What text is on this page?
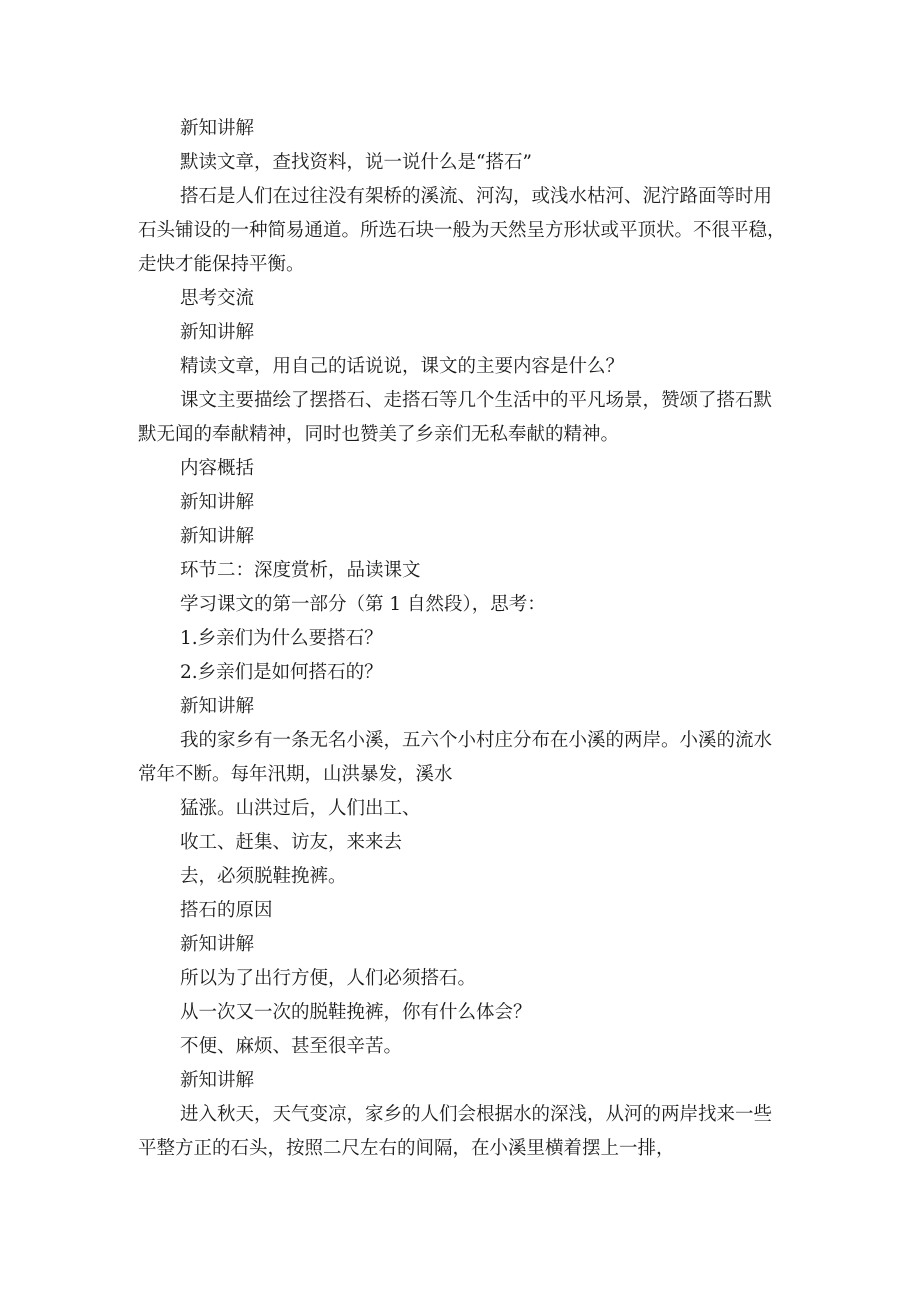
新知讲解

默读文章，查找资料，说一说什么是“搭石”

搭石是人们在过往没有架桥的溪流、河沟，或浅水枯河、泥泞路面等时用石头铺设的一种简易通道。所选石块一般为天然呈方形状或平顶状。不很平稳，走快才能保持平衡。

思考交流

新知讲解

精读文章，用自己的话说说，课文的主要内容是什么？

课文主要描绘了摆搭石、走搭石等几个生活中的平凡场景，赞颂了搭石默默无闻的奉献精神，同时也赞美了乡亲们无私奉献的精神。

内容概括

新知讲解

新知讲解

环节二：深度赏析，品读课文

学习课文的第一部分（第 1 自然段），思考：

1.乡亲们为什么要搭石？

2.乡亲们是如何搭石的？

新知讲解

我的家乡有一条无名小溪，五六个小村庄分布在小溪的两岸。小溪的流水常年不断。每年汛期，山洪暴发，溪水

猛涨。山洪过后，人们出工、

收工、赶集、访友，来来去

去，必须脱鞋挽裤。

搭石的原因

新知讲解

所以为了出行方便，人们必须搭石。

从一次又一次的脱鞋挽裤，你有什么体会？

不便、麻烦、甚至很辛苦。

新知讲解

进入秋天，天气变凉，家乡的人们会根据水的深浅，从河的两岸找来一些平整方正的石头，按照二尺左右的间隔，在小溪里横着摆上一排，
